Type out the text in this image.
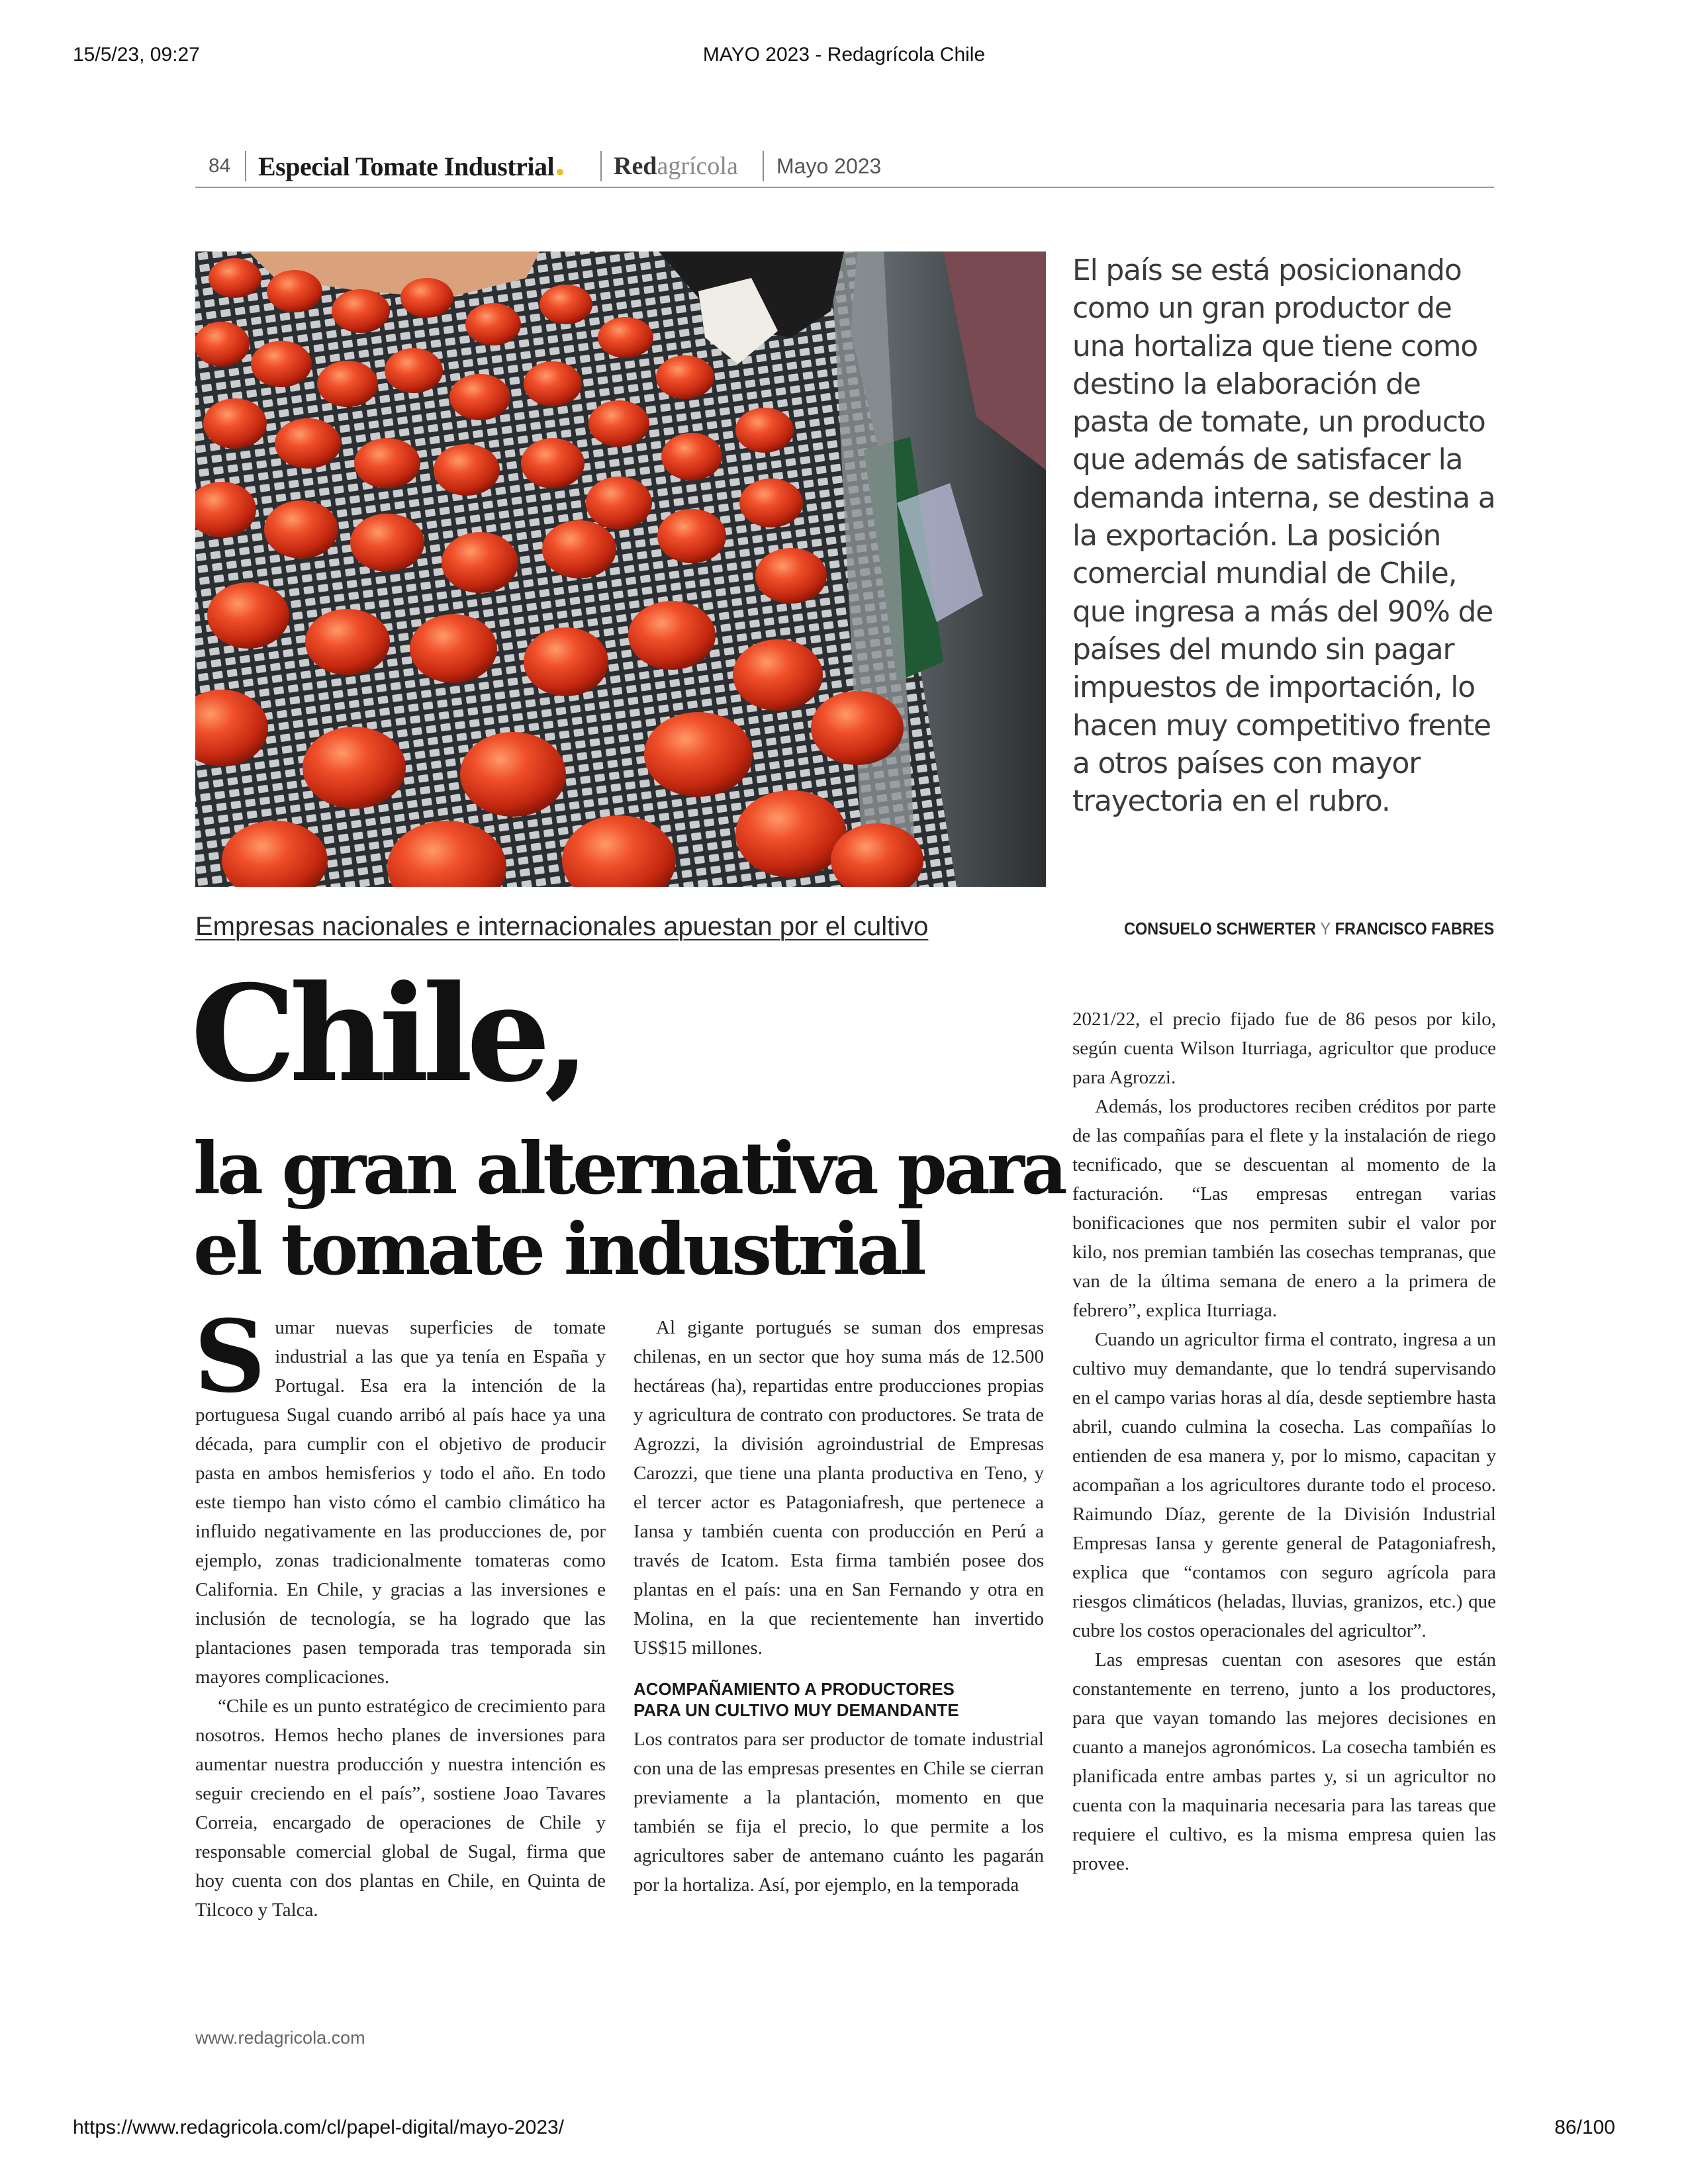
15/5/23, 09:27	MAYO 2023 - Redagrícola Chile
84 Especial Tomate Industrial Red agrícola Mayo 2023

El país se está posicionando como un gran productor de una hortaliza que tiene como destino la elaboración de pasta de tomate, un producto que además de satisfacer la demanda interna, se destina a la exportación. La posición comercial mundial de Chile, que ingresa a más del 90% de países del mundo sin pagar impuestos de importación, lo hacen muy competitivo frente a otros países con mayor trayectoria en el rubro.

Empresas nacionales e internacionales apuestan por el cultivo	CONSUELO SCHWERTER Y FRANCISCO FABRES
Chile,
la gran alternativa para
el tomate industrial

Sumar nuevas superficies de tomate industrial a las que ya tenía en España y Portugal. Esa era la intención de la portuguesa Sugal cuando arribó al país hace ya una década, para cumplir con el objetivo de producir pasta en ambos hemisferios y todo el año. En todo este tiempo han visto cómo el cambio climático ha influido negativamente en las producciones de, por ejemplo, zonas tradicionalmente tomateras como California. En Chile, y gracias a las inversiones e inclusión de tecnología, se ha logrado que las plantaciones pasen temporada tras temporada sin mayores complicaciones.

“Chile es un punto estratégico de crecimiento para nosotros. Hemos hecho planes de inversiones para aumentar nuestra producción y nuestra intención es seguir creciendo en el país”, sostiene Joao Tavares Correia, encargado de operaciones de Chile y responsable comercial global de Sugal, firma que hoy cuenta con dos plantas en Chile, en Quinta de Tilcoco y Talca.

Al gigante portugués se suman dos empresas chilenas, en un sector que hoy suma más de 12.500 hectáreas (ha), repartidas entre producciones propias y agricultura de contrato con productores. Se trata de Agrozzi, la división agroindustrial de Empresas Carozzi, que tiene una planta productiva en Teno, y el tercer actor es Patagoniafresh, que pertenece a Iansa y también cuenta con producción en Perú a través de Icatom. Esta firma también posee dos plantas en el país: una en San Fernando y otra en Molina, en la que recientemente han invertido US$15 millones.

ACOMPAÑAMIENTO A PRODUCTORES
PARA UN CULTIVO MUY DEMANDANTE

Los contratos para ser productor de tomate industrial con una de las empresas presentes en Chile se cierran previamente a la plantación, momento en que también se fija el precio, lo que permite a los agricultores saber de antemano cuánto les pagarán por la hortaliza. Así, por ejemplo, en la temporada

2021/22, el precio fijado fue de 86 pesos por kilo, según cuenta Wilson Iturriaga, agricultor que produce para Agrozzi.

Además, los productores reciben créditos por parte de las compañías para el flete y la instalación de riego tecnificado, que se descuentan al momento de la facturación. “Las empresas entregan varias bonificaciones que nos permiten subir el valor por kilo, nos premian también las cosechas tempranas, que van de la última semana de enero a la primera de febrero”, explica Iturriaga.

Cuando un agricultor firma el contrato, ingresa a un cultivo muy demandante, que lo tendrá supervisando en el campo varias horas al día, desde septiembre hasta abril, cuando culmina la cosecha. Las compañías lo entienden de esa manera y, por lo mismo, capacitan y acompañan a los agricultores durante todo el proceso. Raimundo Díaz, gerente de la División Industrial Empresas Iansa y gerente general de Patagoniafresh, explica que “contamos con seguro agrícola para riesgos climáticos (heladas, lluvias, granizos, etc.) que cubre los costos operacionales del agricultor”.

Las empresas cuentan con asesores que están constantemente en terreno, junto a los productores, para que vayan tomando las mejores decisiones en cuanto a manejos agronómicos. La cosecha también es planificada entre ambas partes y, si un agricultor no cuenta con la maquinaria necesaria para las tareas que requiere el cultivo, es la misma empresa quien las provee.

www.redagricola.com
https://www.redagricola.com/cl/papel-digital/mayo-2023/	86/100
